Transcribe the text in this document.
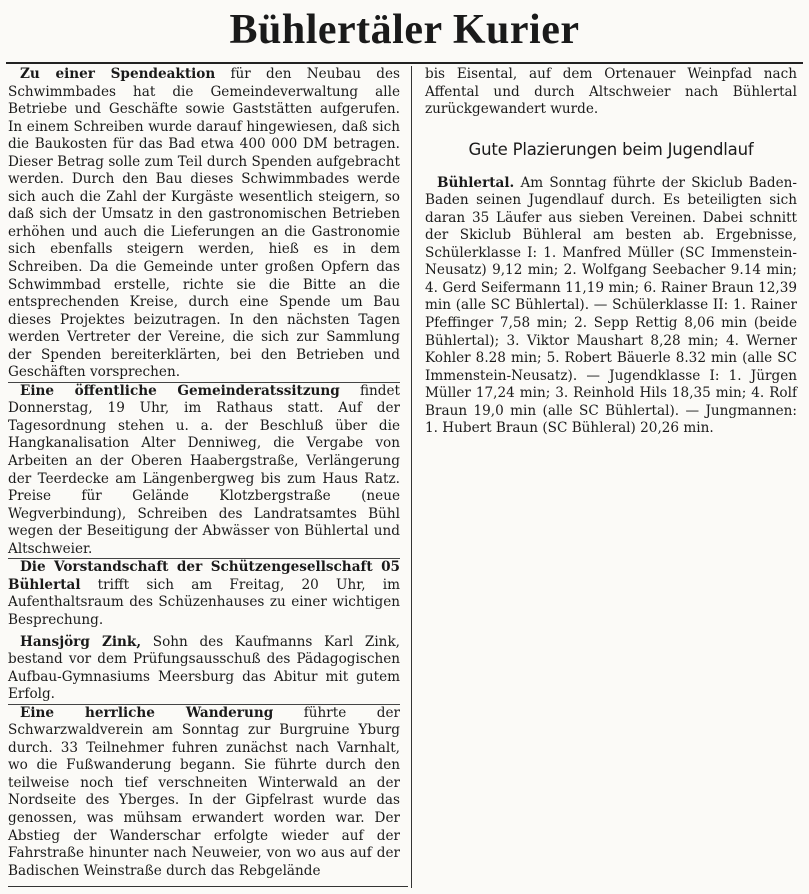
Bühlertäler Kurier

Zu einer Spendeaktion für den Neubau des Schwimmbades hat die Gemeindeverwaltung alle Betriebe und Geschäfte sowie Gaststätten aufgerufen. In einem Schreiben wurde darauf hingewiesen, daß sich die Baukosten für das Bad etwa 400 000 DM betragen. Dieser Betrag solle zum Teil durch Spenden aufgebracht werden. Durch den Bau dieses Schwimmbades werde sich auch die Zahl der Kurgäste wesentlich steigern, so daß sich der Umsatz in den gastronomischen Betrieben erhöhen und auch die Lieferungen an die Gastronomie sich ebenfalls steigern werden, hieß es in dem Schreiben. Da die Gemeinde unter großen Opfern das Schwimmbad erstelle, richte sie die Bitte an die entsprechenden Kreise, durch eine Spende um Bau dieses Projektes beizutragen. In den nächsten Tagen werden Vertreter der Vereine, die sich zur Sammlung der Spenden bereiterklärten, bei den Betrieben und Geschäften vorsprechen.

Eine öffentliche Gemeinderatssitzung findet Donnerstag, 19 Uhr, im Rathaus statt. Auf der Tagesordnung stehen u. a. der Beschluß über die Hangkanalisation Alter Denniweg, die Vergabe von Arbeiten an der Oberen Haabergstraße, Verlängerung der Teerdecke am Längenbergweg bis zum Haus Ratz. Preise für Gelände Klotzbergstraße (neue Wegverbindung), Schreiben des Landratsamtes Bühl wegen der Beseitigung der Abwässer von Bühlertal und Altschweier.

Die Vorstandschaft der Schützengesellschaft 05 Bühlertal trifft sich am Freitag, 20 Uhr, im Aufenthaltsraum des Schüzenhauses zu einer wichtigen Besprechung.

Hansjörg Zink, Sohn des Kaufmanns Karl Zink, bestand vor dem Prüfungsausschuß des Pädagogischen Aufbau-Gymnasiums Meersburg das Abitur mit gutem Erfolg.

Eine herrliche Wanderung führte der Schwarzwaldverein am Sonntag zur Burgruine Yburg durch. 33 Teilnehmer fuhren zunächst nach Varnhalt, wo die Fußwanderung begann. Sie führte durch den teilweise noch tief verschneiten Winterwald an der Nordseite des Yberges. In der Gipfelrast wurde das genossen, was mühsam erwandert worden war. Der Abstieg der Wanderschar erfolgte wieder auf der Fahrstraße hinunter nach Neuweier, von wo aus auf der Badischen Weinstraße durch das Rebgelände

bis Eisental, auf dem Ortenauer Weinpfad nach Affental und durch Altschweier nach Bühlertal zurückgewandert wurde.

Gute Plazierungen beim Jugendlauf

Bühlertal. Am Sonntag führte der Skiclub Baden-Baden seinen Jugendlauf durch. Es beteiligten sich daran 35 Läufer aus sieben Vereinen. Dabei schnitt der Skiclub Bühleral am besten ab. Ergebnisse, Schülerklasse I: 1. Manfred Müller (SC Immenstein-Neusatz) 9,12 min; 2. Wolfgang Seebacher 9.14 min; 4. Gerd Seifermann 11,19 min; 6. Rainer Braun 12,39 min (alle SC Bühlertal). — Schülerklasse II: 1. Rainer Pfeffinger 7,58 min; 2. Sepp Rettig 8,06 min (beide Bühlertal); 3. Viktor Maushart 8,28 min; 4. Werner Kohler 8.28 min; 5. Robert Bäuerle 8.32 min (alle SC Immenstein-Neusatz). — Jugendklasse I: 1. Jürgen Müller 17,24 min; 3. Reinhold Hils 18,35 min; 4. Rolf Braun 19,0 min (alle SC Bühlertal). — Jungmannen: 1. Hubert Braun (SC Bühleral) 20,26 min.
